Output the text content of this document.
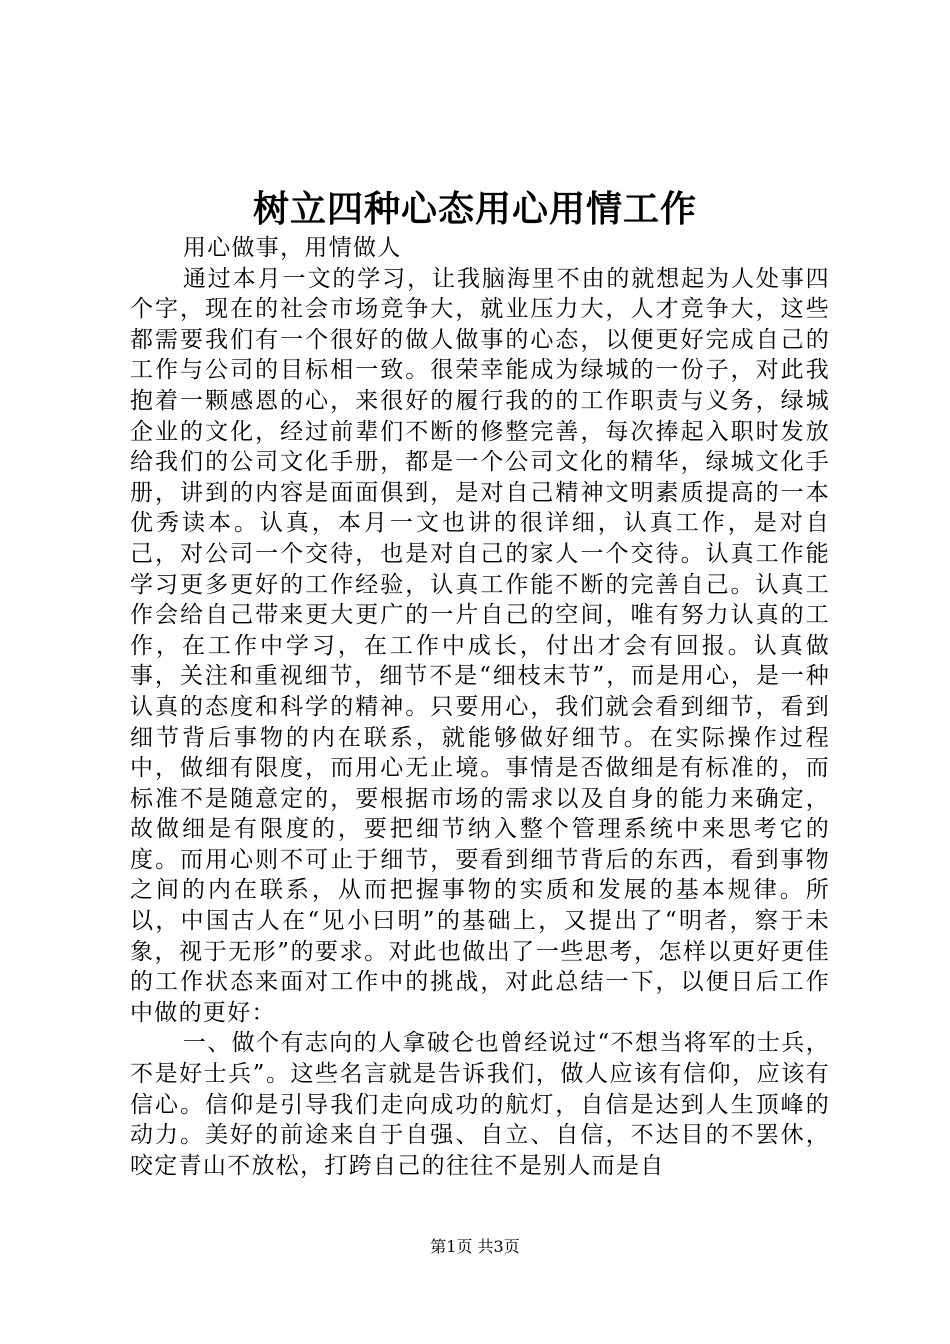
树立四种心态用心用情工作

用心做事，用情做人

通过本月一文的学习，让我脑海里不由的就想起为人处事四个字，现在的社会市场竞争大，就业压力大，人才竞争大，这些都需要我们有一个很好的做人做事的心态，以便更好完成自己的工作与公司的目标相一致。很荣幸能成为绿城的一份子，对此我抱着一颗感恩的心，来很好的履行我的的工作职责与义务，绿城企业的文化，经过前辈们不断的修整完善，每次捧起入职时发放给我们的公司文化手册，都是一个公司文化的精华，绿城文化手册，讲到的内容是面面俱到，是对自己精神文明素质提高的一本优秀读本。认真，本月一文也讲的很详细，认真工作，是对自己，对公司一个交待，也是对自己的家人一个交待。认真工作能学习更多更好的工作经验，认真工作能不断的完善自己。认真工作会给自己带来更大更广的一片自己的空间，唯有努力认真的工作，在工作中学习，在工作中成长，付出才会有回报。认真做事，关注和重视细节，细节不是“细枝末节”，而是用心，是一种认真的态度和科学的精神。只要用心，我们就会看到细节，看到细节背后事物的内在联系，就能够做好细节。在实际操作过程中，做细有限度，而用心无止境。事情是否做细是有标准的，而标准不是随意定的，要根据市场的需求以及自身的能力来确定，故做细是有限度的，要把细节纳入整个管理系统中来思考它的度。而用心则不可止于细节，要看到细节背后的东西，看到事物之间的内在联系，从而把握事物的实质和发展的基本规律。所以，中国古人在“见小曰明”的基础上，又提出了“明者，察于未象，视于无形”的要求。对此也做出了一些思考，怎样以更好更佳的工作状态来面对工作中的挑战，对此总结一下，以便日后工作中做的更好：

一、做个有志向的人拿破仑也曾经说过“不想当将军的士兵，不是好士兵”。这些名言就是告诉我们，做人应该有信仰，应该有信心。信仰是引导我们走向成功的航灯，自信是达到人生顶峰的动力。美好的前途来自于自强、自立、自信，不达目的不罢休，咬定青山不放松，打跨自己的往往不是别人而是自

第1页 共3页
